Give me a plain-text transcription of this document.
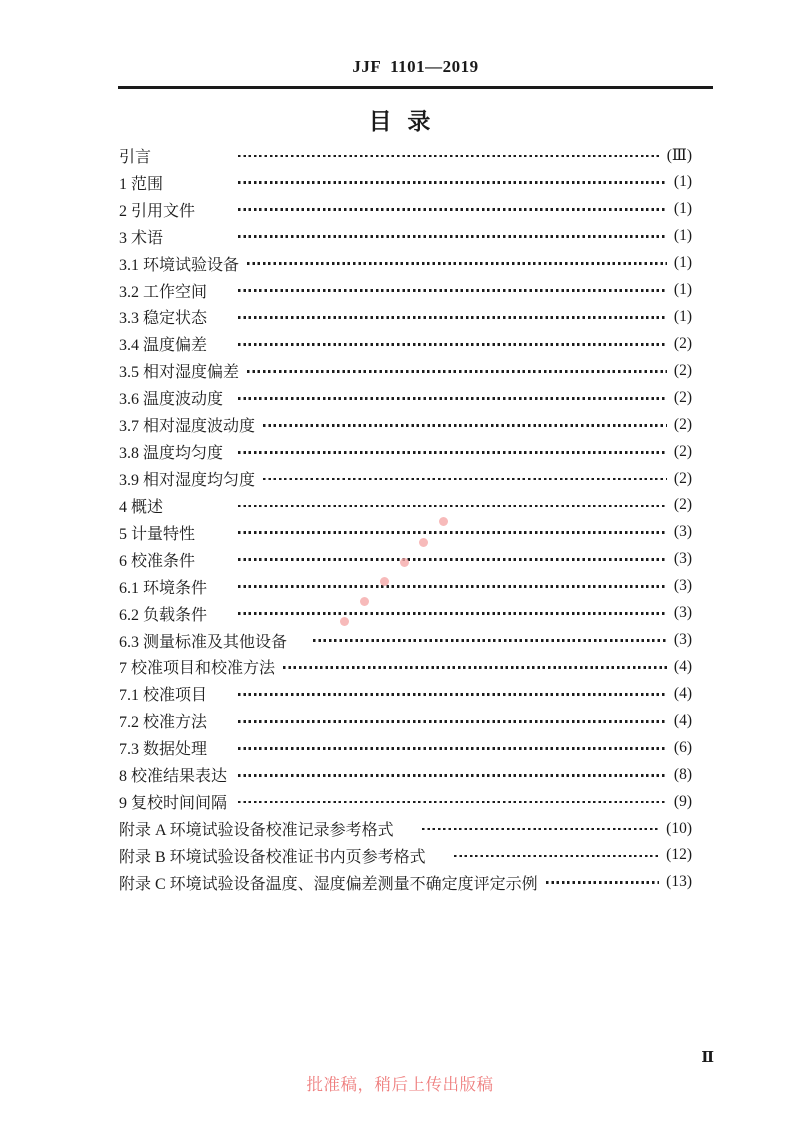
JJF  1101—2019
目  录
引言	(Ⅲ)
1 范围	(1)
2 引用文件	(1)
3 术语	(1)
3.1 环境试验设备	(1)
3.2 工作空间	(1)
3.3 稳定状态	(1)
3.4 温度偏差	(2)
3.5 相对湿度偏差	(2)
3.6 温度波动度	(2)
3.7 相对湿度波动度	(2)
3.8 温度均匀度	(2)
3.9 相对湿度均匀度	(2)
4 概述	(2)
5 计量特性	(3)
6 校准条件	(3)
6.1 环境条件	(3)
6.2 负载条件	(3)
6.3 测量标准及其他设备	(3)
7 校准项目和校准方法	(4)
7.1 校准项目	(4)
7.2 校准方法	(4)
7.3 数据处理	(6)
8 校准结果表达	(8)
9 复校时间间隔	(9)
附录 A 环境试验设备校准记录参考格式	(10)
附录 B 环境试验设备校准证书内页参考格式	(12)
附录 C 环境试验设备温度、湿度偏差测量不确定度评定示例	(13)
Ⅱ
批准稿，稍后上传出版稿
